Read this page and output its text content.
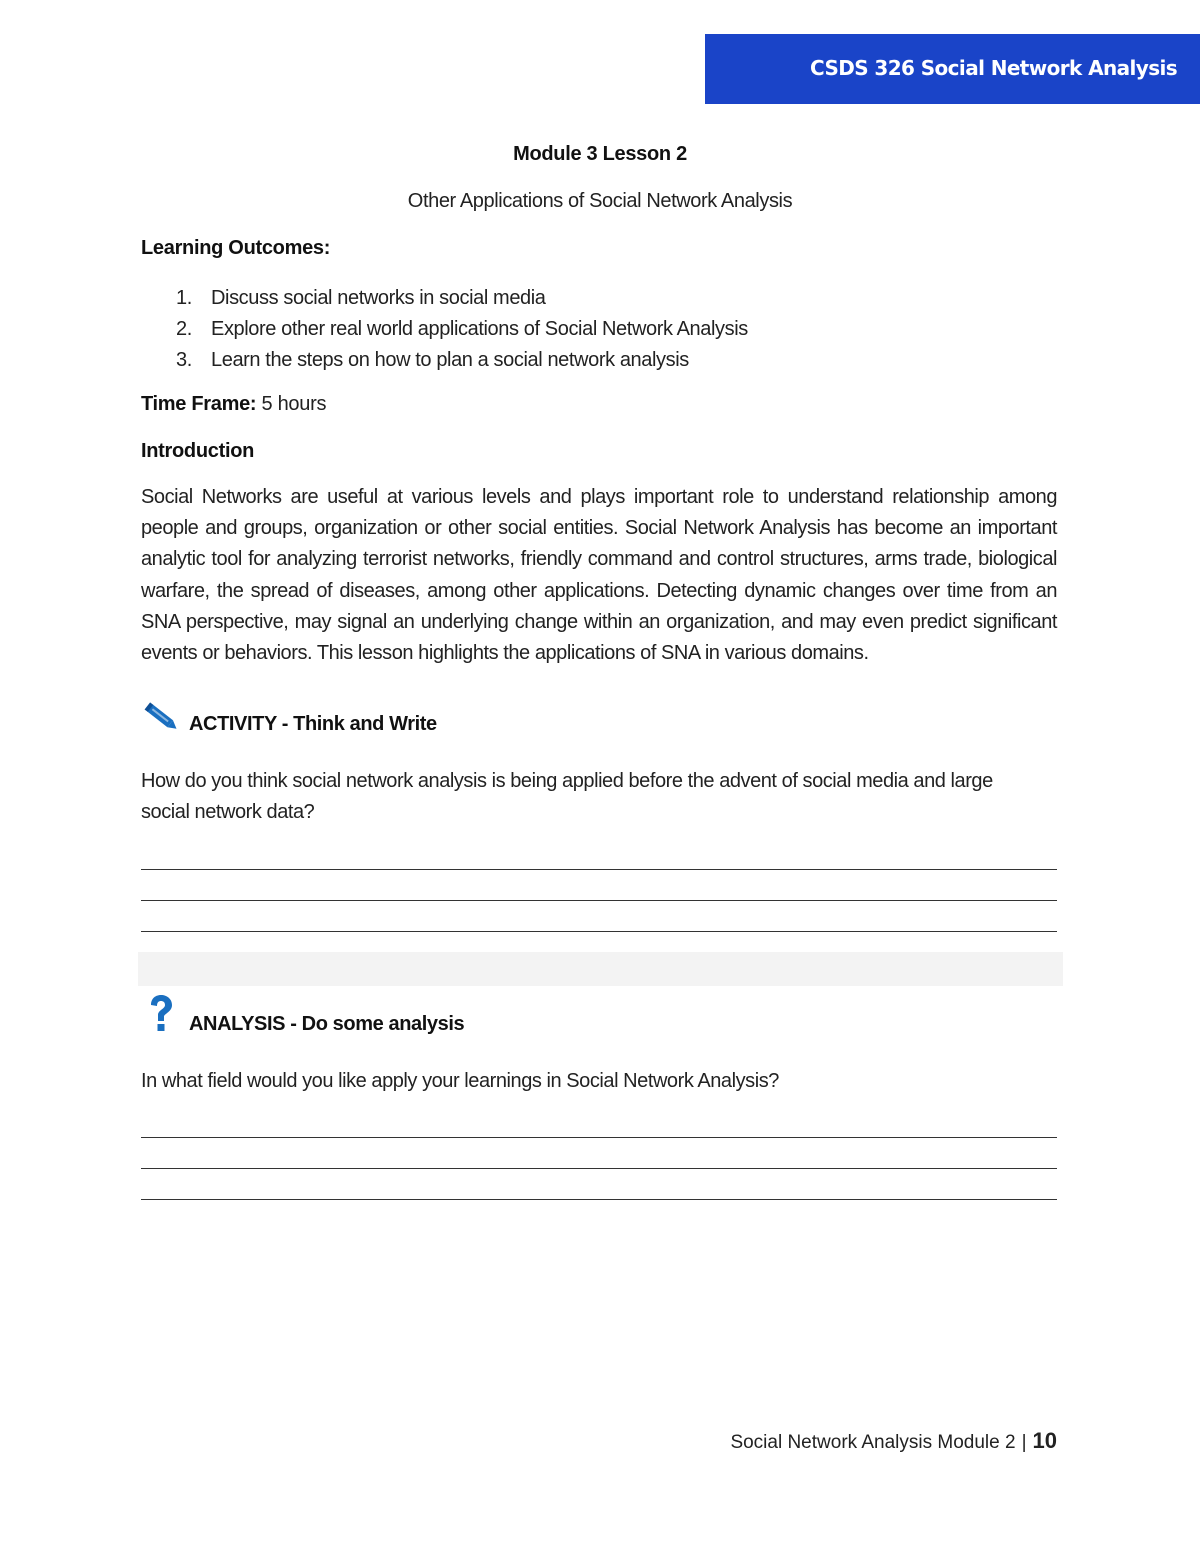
CSDS 326 Social Network Analysis
Module 3 Lesson 2
Other Applications of Social Network Analysis
Learning Outcomes:
1. Discuss social networks in social media
2. Explore other real world applications of Social Network Analysis
3. Learn the steps on how to plan a social network analysis
Time Frame: 5 hours
Introduction
Social Networks are useful at various levels and plays important role to understand relationship among people and groups, organization or other social entities. Social Network Analysis has become an important analytic tool for analyzing terrorist networks, friendly command and control structures, arms trade, biological warfare, the spread of diseases, among other applications. Detecting dynamic changes over time from an SNA perspective, may signal an underlying change within an organization, and may even predict significant events or behaviors. This lesson highlights the applications of SNA in various domains.
ACTIVITY - Think and Write
How do you think social network analysis is being applied before the advent of social media and large social network data?
ANALYSIS - Do some analysis
In what field would you like apply your learnings in Social Network Analysis?
Social Network Analysis Module 2 | 10
